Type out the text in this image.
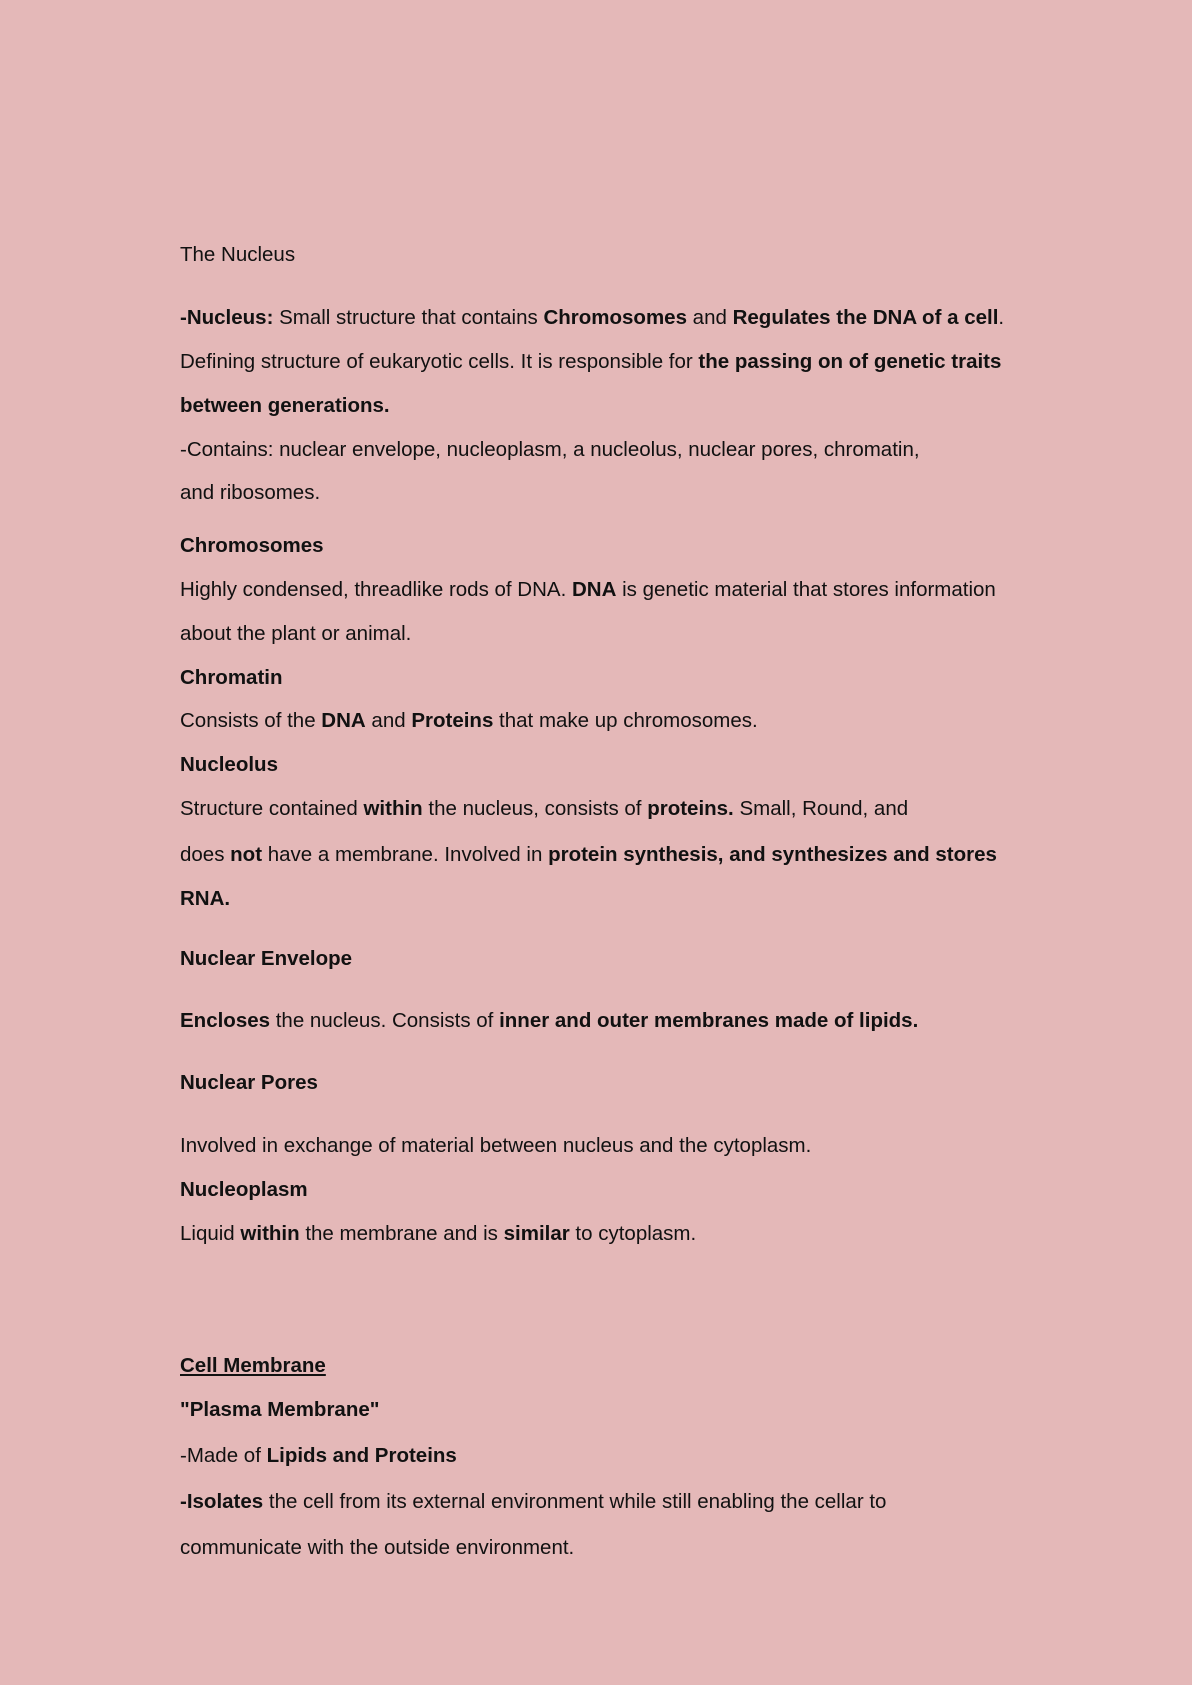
The Nucleus
-Nucleus: Small structure that contains Chromosomes and Regulates the DNA of a cell.
Defining structure of eukaryotic cells. It is responsible for the passing on of genetic traits
between generations.
-Contains: nuclear envelope, nucleoplasm, a nucleolus, nuclear pores, chromatin,
and ribosomes.
Chromosomes
Highly condensed, threadlike rods of DNA. DNA is genetic material that stores information
about the plant or animal.
Chromatin
Consists of the DNA and Proteins that make up chromosomes.
Nucleolus
Structure contained within the nucleus, consists of proteins. Small, Round, and
does not have a membrane. Involved in protein synthesis, and synthesizes and stores
RNA.
Nuclear Envelope
Encloses the nucleus. Consists of inner and outer membranes made of lipids.
Nuclear Pores
Involved in exchange of material between nucleus and the cytoplasm.
Nucleoplasm
Liquid within the membrane and is similar to cytoplasm.
Cell Membrane
"Plasma Membrane"
-Made of Lipids and Proteins
-Isolates the cell from its external environment while still enabling the cellar to
communicate with the outside environment.
